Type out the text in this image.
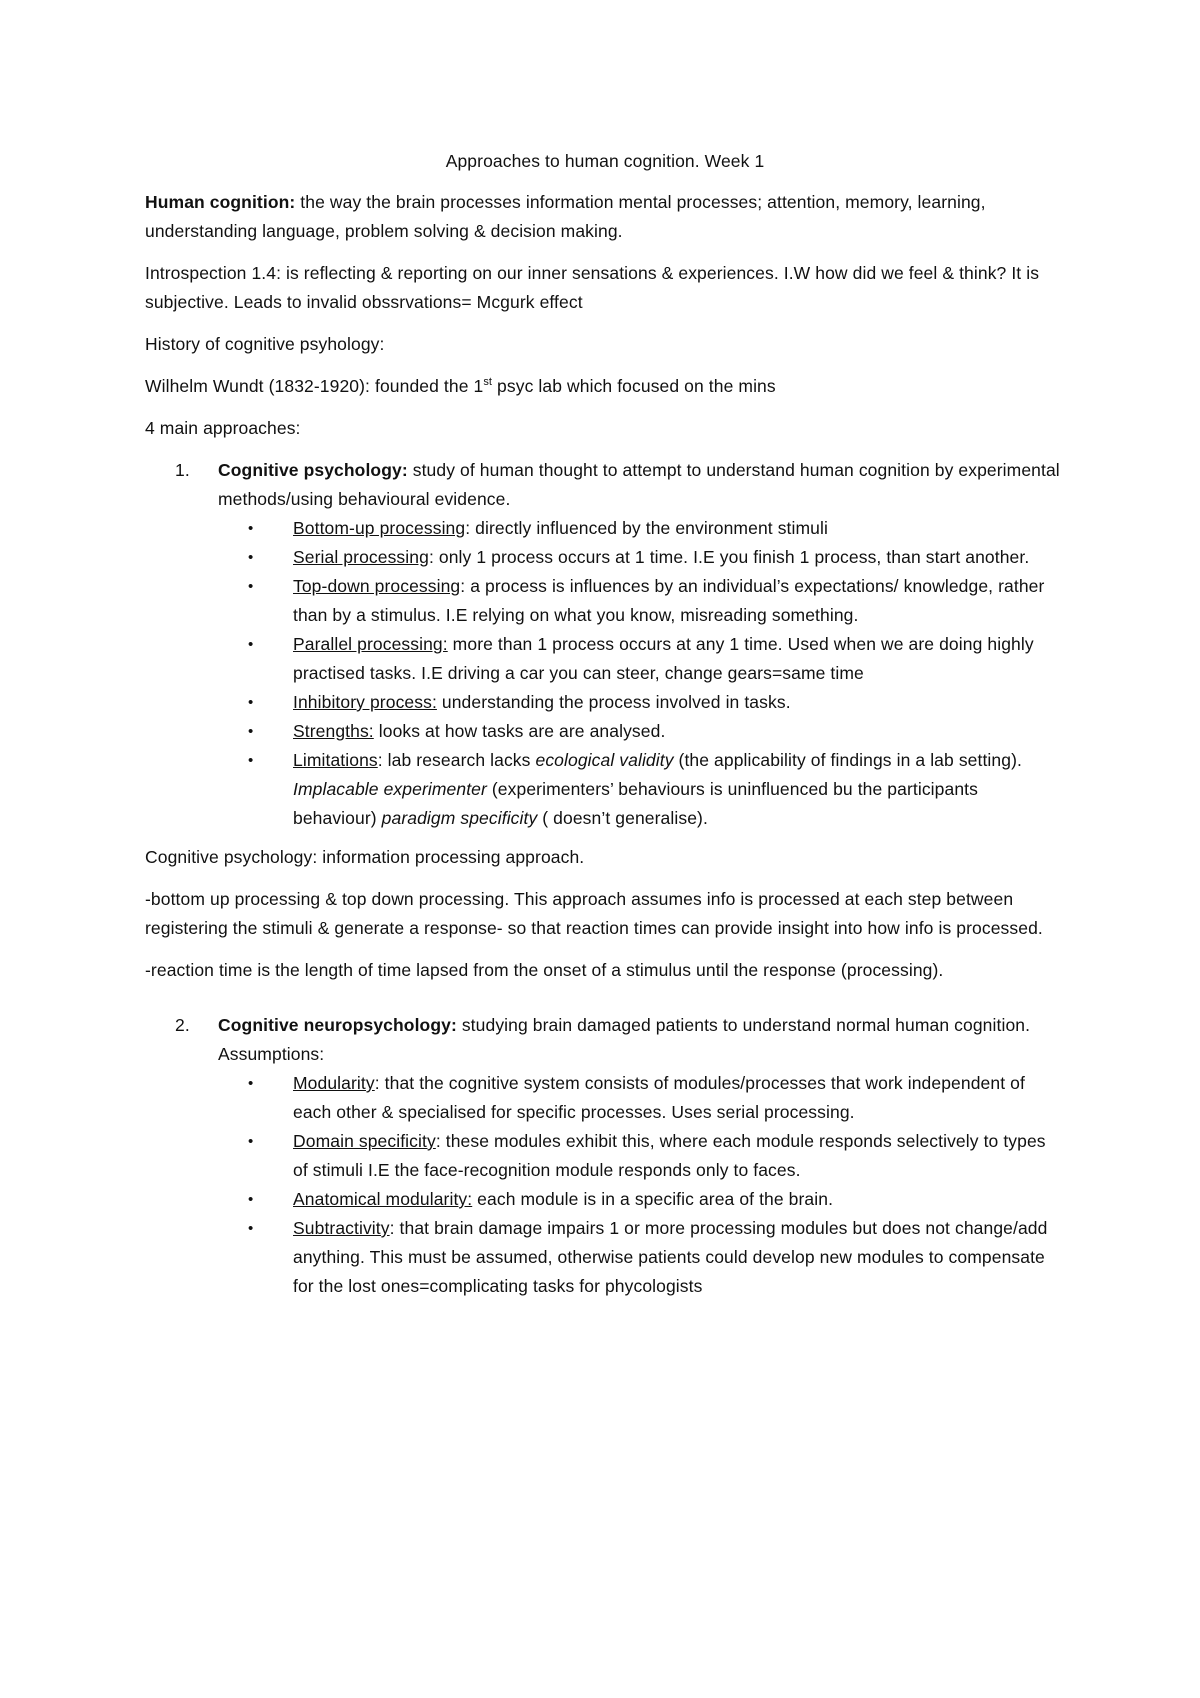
Approaches to human cognition. Week 1

Human cognition: the way the brain processes information mental processes; attention, memory, learning, understanding language, problem solving & decision making.

Introspection 1.4: is reflecting & reporting on our inner sensations & experiences. I.W how did we feel & think? It is subjective. Leads to invalid obssrvations= Mcgurk effect

History of cognitive psyhology:

Wilhelm Wundt (1832-1920): founded the 1st psyc lab which focused on the mins

4 main approaches:

1. Cognitive psychology: study of human thought to attempt to understand human cognition by experimental methods/using behavioural evidence.

• Bottom-up processing: directly influenced by the environment stimuli
• Serial processing: only 1 process occurs at 1 time. I.E you finish 1 process, than start another.
• Top-down processing: a process is influences by an individual’s expectations/ knowledge, rather than by a stimulus. I.E relying on what you know, misreading something.
• Parallel processing: more than 1 process occurs at any 1 time. Used when we are doing highly practised tasks. I.E driving a car you can steer, change gears=same time
• Inhibitory process: understanding the process involved in tasks.
• Strengths: looks at how tasks are are analysed.
• Limitations: lab research lacks ecological validity (the applicability of findings in a lab setting). Implacable experimenter (experimenters’ behaviours is uninfluenced bu the participants behaviour) paradigm specificity ( doesn’t generalise).

Cognitive psychology: information processing approach.

-bottom up processing & top down processing. This approach assumes info is processed at each step between registering the stimuli & generate a response- so that reaction times can provide insight into how info is processed.

-reaction time is the length of time lapsed from the onset of a stimulus until the response (processing).

2. Cognitive neuropsychology: studying brain damaged patients to understand normal human cognition. Assumptions:

• Modularity: that the cognitive system consists of modules/processes that work independent of each other & specialised for specific processes. Uses serial processing.
• Domain specificity: these modules exhibit this, where each module responds selectively to types of stimuli I.E the face-recognition module responds only to faces.
• Anatomical modularity: each module is in a specific area of the brain.
• Subtractivity: that brain damage impairs 1 or more processing modules but does not change/add anything. This must be assumed, otherwise patients could develop new modules to compensate for the lost ones=complicating tasks for phycologists
